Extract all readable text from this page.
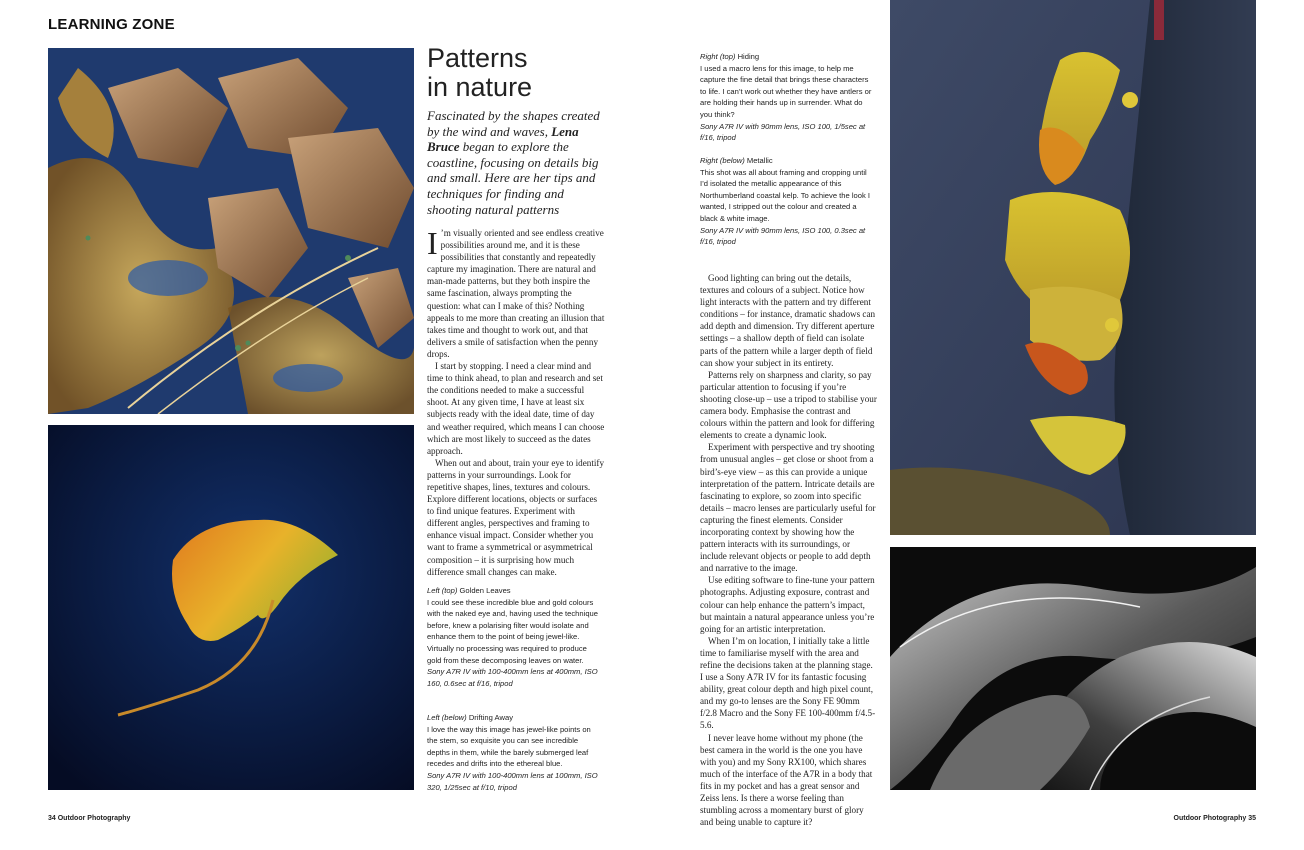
LEARNING ZONE
Patterns
in nature
Fascinated by the shapes created by the wind and waves, Lena Bruce began to explore the coastline, focusing on details big and small. Here are her tips and techniques for finding and shooting natural patterns

I ’m visually oriented and see endless creative possibilities around me, and it is these possibilities that constantly and repeatedly capture my imagination. There are natural and man-made patterns, but they both inspire the same fascination, always prompting the question: what can I make of this? Nothing appeals to me more than creating an illusion that takes time and thought to work out, and that delivers a smile of satisfaction when the penny drops.

I start by stopping. I need a clear mind and time to think ahead, to plan and research and set the conditions needed to make a successful shoot. At any given time, I have at least six subjects ready with the ideal date, time of day and weather required, which means I can choose which are most likely to succeed as the dates approach.

When out and about, train your eye to identify patterns in your surroundings. Look for repetitive shapes, lines, textures and colours. Explore different locations, objects or surfaces to find unique features. Experiment with different angles, perspectives and framing to enhance visual impact. Consider whether you want to frame a symmetrical or asymmetrical composition – it is surprising how much difference small changes can make.

Left (top) Golden Leaves
I could see these incredible blue and gold colours with the naked eye and, having used the technique before, knew a polarising filter would isolate and enhance them to the point of being jewel-like. Virtually no processing was required to produce gold from these decomposing leaves on water.
Sony A7R IV with 100-400mm lens at 400mm, ISO 160, 0.6sec at f/16, tripod
Left (below) Drifting Away
I love the way this image has jewel-like points on the stem, so exquisite you can see incredible depths in them, while the barely submerged leaf recedes and drifts into the ethereal blue.
Sony A7R IV with 100-400mm lens at 100mm, ISO 320, 1/25sec at f/10, tripod
Right (top) Hiding
I used a macro lens for this image, to help me capture the fine detail that brings these characters to life. I can’t work out whether they have antlers or are holding their hands up in surrender. What do you think?
Sony A7R IV with 90mm lens, ISO 100, 1/5sec at f/16, tripod
Right (below) Metallic
This shot was all about framing and cropping until I’d isolated the metallic appearance of this Northumberland coastal kelp. To achieve the look I wanted, I stripped out the colour and created a black & white image.
Sony A7R IV with 90mm lens, ISO 100, 0.3sec at f/16, tripod

Good lighting can bring out the details, textures and colours of a subject. Notice how light interacts with the pattern and try different conditions – for instance, dramatic shadows can add depth and dimension. Try different aperture settings – a shallow depth of field can isolate parts of the pattern while a larger depth of field can show your subject in its entirety.

Patterns rely on sharpness and clarity, so pay particular attention to focusing if you’re shooting close-up – use a tripod to stabilise your camera body. Emphasise the contrast and colours within the pattern and look for differing elements to create a dynamic look.

Experiment with perspective and try shooting from unusual angles – get close or shoot from a bird’s-eye view – as this can provide a unique interpretation of the pattern. Intricate details are fascinating to explore, so zoom into specific details – macro lenses are particularly useful for capturing the finest elements. Consider incorporating context by showing how the pattern interacts with its surroundings, or include relevant objects or people to add depth and narrative to the image.

Use editing software to fine-tune your pattern photographs. Adjusting exposure, contrast and colour can help enhance the pattern’s impact, but maintain a natural appearance unless you’re going for an artistic interpretation.

When I’m on location, I initially take a little time to familiarise myself with the area and refine the decisions taken at the planning stage. I use a Sony A7R IV for its fantastic focusing ability, great colour depth and high pixel count, and my go-to lenses are the Sony FE 90mm f/2.8 Macro and the Sony FE 100-400mm f/4.5-5.6.

I never leave home without my phone (the best camera in the world is the one you have with you) and my Sony RX100, which shares much of the interface of the A7R in a body that fits in my pocket and has a great sensor and Zeiss lens. Is there a worse feeling than stumbling across a momentary burst of glory and being unable to capture it?

34 Outdoor Photography	Outdoor Photography 35
